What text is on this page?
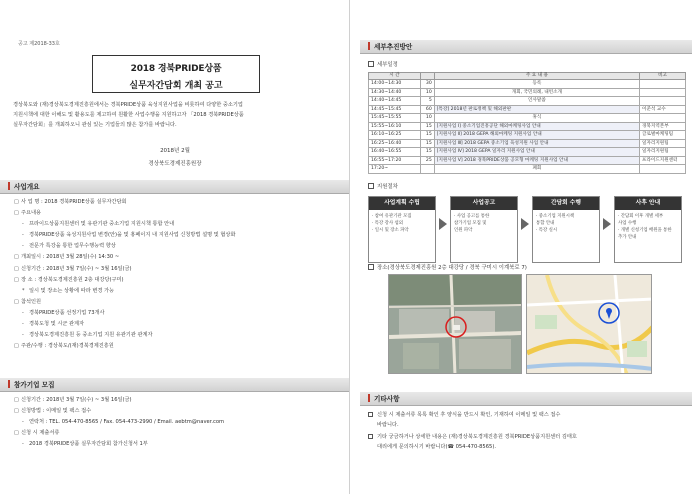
공고 제2018-33호
2018 경북PRIDE상품
실무자간담회 개최 공고

경상북도와 (재)경상북도경제진흥원에서는 경북PRIDE상품 육성지원사업을 비롯하여 다양한 중소기업

지원시책에 대한 이해도 및 활용도를 제고하여 원활한 사업수행을 지원하고자 「2018 경북PRIDE상품

실무자간담회」를 개최하오니 관심 있는 기업들의 많은 참가를 바랍니다.

2018년 2월
경상북도경제진흥원장
사업개요
□ 사 업 명 : 2018 경북PRIDE상품 실무자간담회
□ 주요내용
- 프라이드상품지원센터 및 유관기관 중소기업 지원시책 통합 안내
- 경북PRIDE상품 육성지원사업 변경(안)을 및 홍페이지 내 지원사업 신청방법 설명 및 협상화
- 전문가 특강을 통한 업무수행능력 향상
□ 개최일시 : 2018년 3월 28일(수) 14:30 ~
□ 신청기간 : 2018년 3월 7일(수) ~ 3월 16일(금)
□ 장 소 : 경상북도경제진흥원 2층 대강당(구미)
* 일시 및 장소는 상황에 따라 변경 가능
□ 참석인원
- 경북PRIDE상품 선정기업 73개사
- 경북도청 및 시군 관계자
- 경상북도경제진흥원 등 중소기업 지원 유관기관 관계자
□ 주관/수행 : 경상북도/(재)경북경제진흥원
참가기업 모집
□ 신청기간 : 2018년 3월 7일(수) ~ 3월 16일(금)
□ 신청방법 : 이메일 및 팩스 접수
- 연락처 : TEL. 054-470-8565 / Fax. 054-473-2990 / Email. aebtm@naver.com
□ 신청 시 제출서류
- 2018 경북PRIDE상품 실무자간담회 참가신청서 1부
세부추진방안
세부일정
시 간		주 요 내 용	비고
14:00~14:30	30	등록	
14:30~14:40	10	개회, 국민의례, 내빈소개	
14:40~14:45	5	인사말씀	
14:45~15:45	60	[특강] 2018년 판로정책 및 해외판판	이준석 교수
15:45~15:55	10	휴식	
15:55~16:10	15	[지원사업 Ⅰ] 중소기업진흥공단 해외마케팅사업 안내	경북지역본부
16:10~16:25	15	[지원사업 Ⅱ] 2018 GEPA 해외마케팅 지원사업 안내	글로벌마케팅팀
16:25~16:40	15	[지원사업 Ⅲ] 2018 GEPA 중소기업 육성지원 사업 안내	일자리지원팀
16:40~16:55	15	[지원사업 Ⅳ] 2018 GEPA 일자리 지원사업 안내	일자리지원팀
16:55~17:20	25	[지원사업 Ⅴ] 2018 경북PRIDE상품 공모형 마케팅 지원사업 안내	프라이드지원센터
17:20~		폐회	
지원절차
사업계획 수립
· 참여 유관기관 모집
· 특강 강사 섭외
· 일시 및 장소 파악
사업공고
· 사업 공고를 통한
참가기업 모집 및
인원 파악
간담회 수행
· 중소기업 지원시책
통합 안내
· 특강 실시
사후 안내
· 간담회 이후 개별 세부
사업 수행
· 개별 신청기업 배원을 통한
추가 안내
장소(경상북도경제진흥원 2층 대강당 / 경북 구미시 이계북로 7)
기타사항
신청 시 제출서류 목록 확인 후 양식을 반드시 확인, 기재하여 이메일 및 팩스 접수
바랍니다.
기타 궁금하거나 상세한 내용은 (재)경상북도경제진흥원 경북PRIDE상품지원센터 김태호
대리에게 문의하시기 바랍니다(☎ 054-470-8565).
